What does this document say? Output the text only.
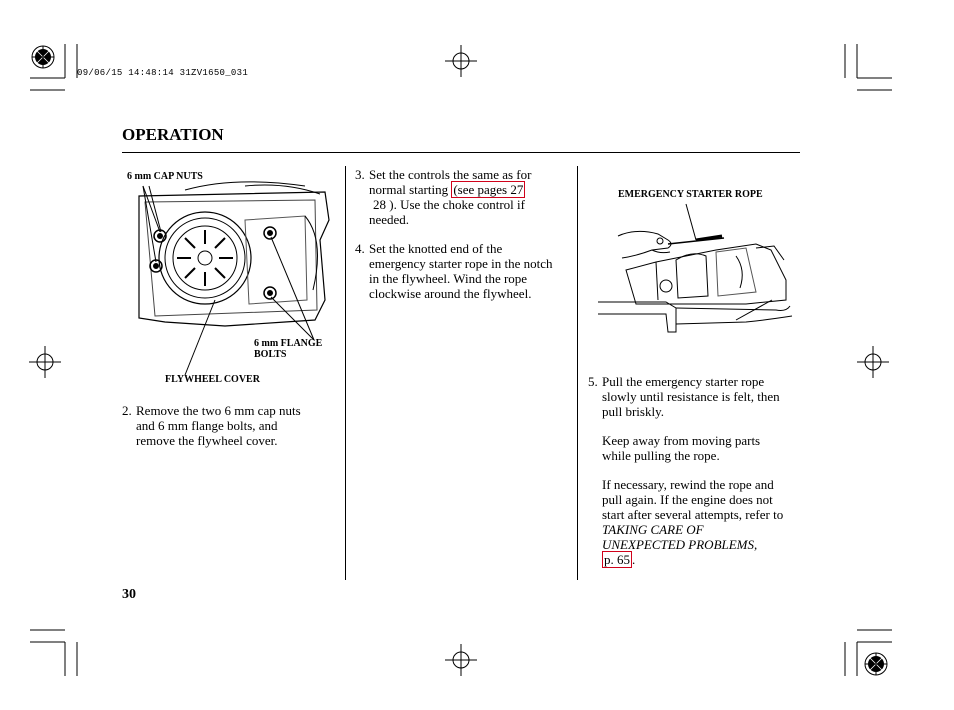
09/06/15 14:48:14 31ZV1650_031
OPERATION
6 mm CAP NUTS
6 mm FLANGE
BOLTS
FLYWHEEL COVER
2. Remove the two 6 mm cap nuts
and 6 mm flange bolts, and
remove the flywheel cover.
3. Set the controls the same as for
normal starting (see pages 27
28 ). Use the choke control if
needed.
4. Set the knotted end of the
emergency starter rope in the notch
in the flywheel. Wind the rope
clockwise around the flywheel.
EMERGENCY STARTER ROPE
5. Pull the emergency starter rope
slowly until resistance is felt, then
pull briskly.
Keep away from moving parts
while pulling the rope.
If necessary, rewind the rope and
pull again. If the engine does not
start after several attempts, refer to
TAKING CARE OF
UNEXPECTED PROBLEMS,
p. 65 .
30
